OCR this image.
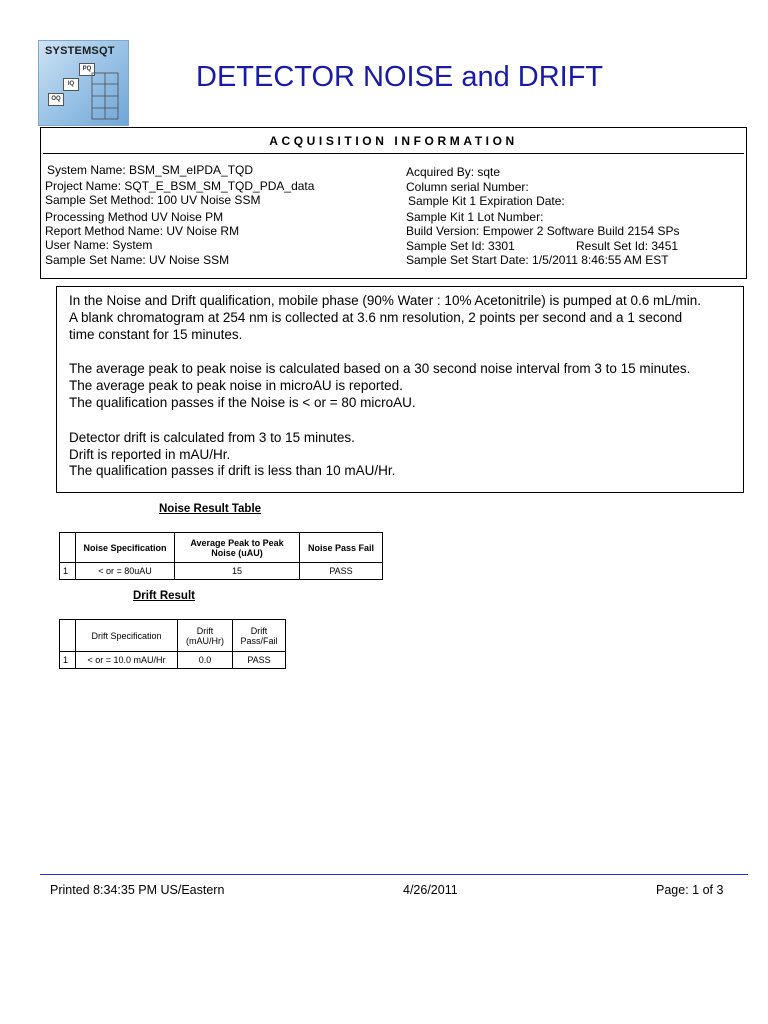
SYSTEMSQT
PQ
IQ
OQ
DETECTOR NOISE and DRIFT
ACQUISITION INFORMATION
System Name: BSM_SM_eIPDA_TQD
Project Name: SQT_E_BSM_SM_TQD_PDA_data
Sample Set Method: 100 UV Noise SSM
Processing Method UV Noise PM
Report Method Name: UV Noise RM
User Name: System
Sample Set Name: UV Noise SSM
Acquired By: sqte
Column serial Number:
Sample Kit 1 Expiration Date:
Sample Kit 1 Lot Number:
Build Version: Empower 2 Software Build 2154 SPs
Sample Set Id: 3301	Result Set Id: 3451
Sample Set Start Date: 1/5/2011 8:46:55 AM EST
In the Noise and Drift qualification, mobile phase (90% Water : 10% Acetonitrile) is pumped at 0.6 mL/min.
A blank chromatogram at 254 nm is collected at 3.6 nm resolution, 2 points per second and a 1 second
time constant for 15 minutes.
The average peak to peak noise is calculated based on a 30 second noise interval from 3 to 15 minutes.
The average peak to peak noise in microAU is reported.
The qualification passes if the Noise is < or = 80 microAU.
Detector drift is calculated from 3 to 15 minutes.
Drift is reported in mAU/Hr.
The qualification passes if drift is less than 10 mAU/Hr.
Noise Result Table
	Noise Specification	Average Peak to Peak Noise (uAU)	Noise Pass Fail
1	< or = 80uAU	15	PASS
Drift Result
	Drift Specification	Drift (mAU/Hr)	Drift Pass/Fail
1	< or = 10.0 mAU/Hr	0.0	PASS
Printed 8:34:35 PM US/Eastern	4/26/2011	Page: 1 of 3
